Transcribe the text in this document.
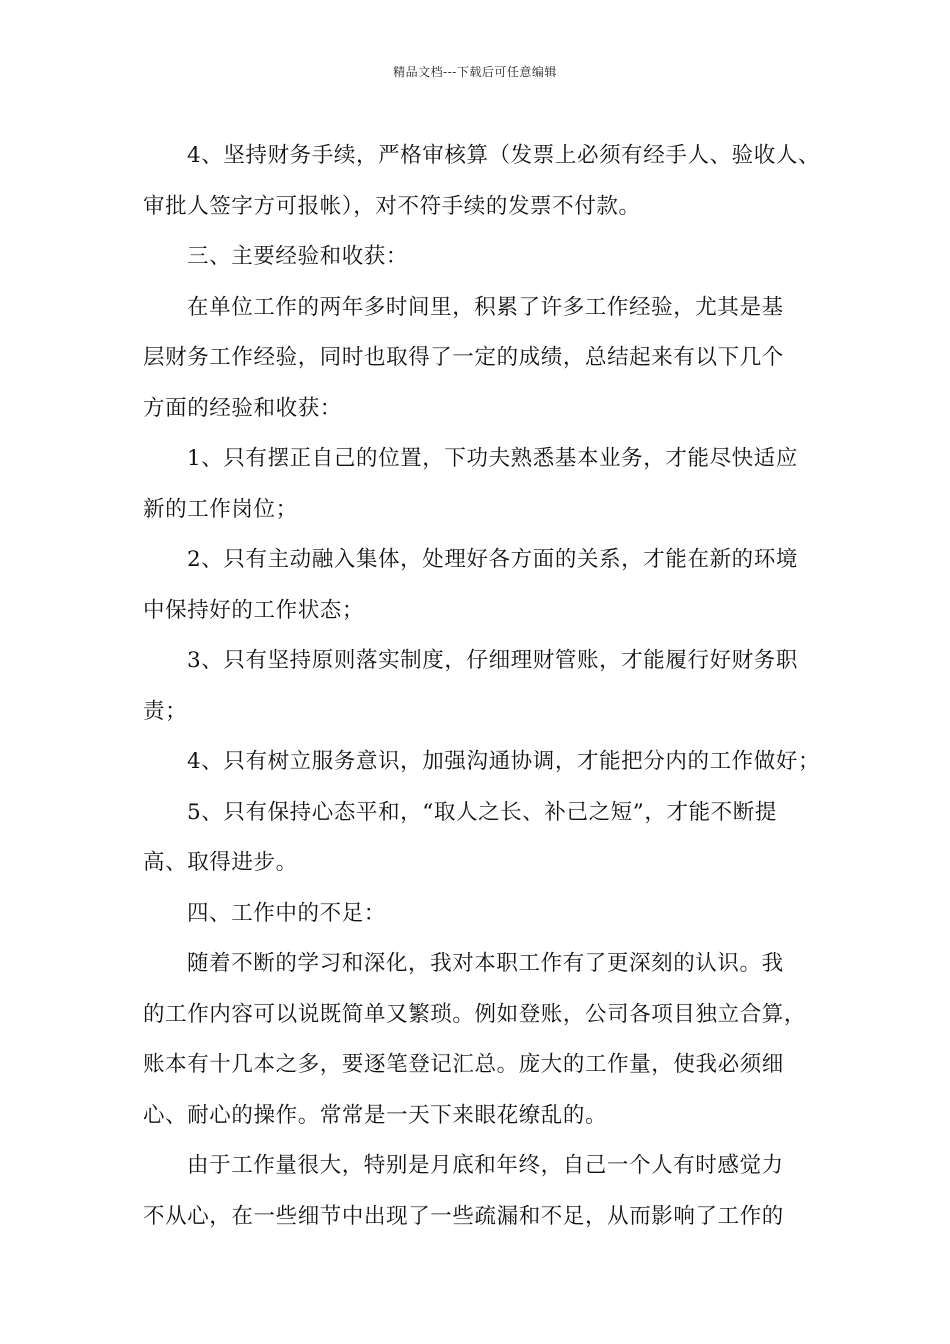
精品文档---下载后可任意编辑
4、坚持财务手续，严格审核算（发票上必须有经手人、验收人、
审批人签字方可报帐），对不符手续的发票不付款。
三、主要经验和收获：
在单位工作的两年多时间里，积累了许多工作经验，尤其是基
层财务工作经验，同时也取得了一定的成绩，总结起来有以下几个
方面的经验和收获：
1、只有摆正自己的位置，下功夫熟悉基本业务，才能尽快适应
新的工作岗位；
2、只有主动融入集体，处理好各方面的关系，才能在新的环境
中保持好的工作状态；
3、只有坚持原则落实制度，仔细理财管账，才能履行好财务职
责；
4、只有树立服务意识，加强沟通协调，才能把分内的工作做好；
5、只有保持心态平和，“取人之长、补己之短”，才能不断提
高、取得进步。
四、工作中的不足：
随着不断的学习和深化，我对本职工作有了更深刻的认识。我
的工作内容可以说既简单又繁琐。例如登账，公司各项目独立合算，
账本有十几本之多，要逐笔登记汇总。庞大的工作量，使我必须细
心、耐心的操作。常常是一天下来眼花缭乱的。
由于工作量很大，特别是月底和年终，自己一个人有时感觉力
不从心，在一些细节中出现了一些疏漏和不足，从而影响了工作的
